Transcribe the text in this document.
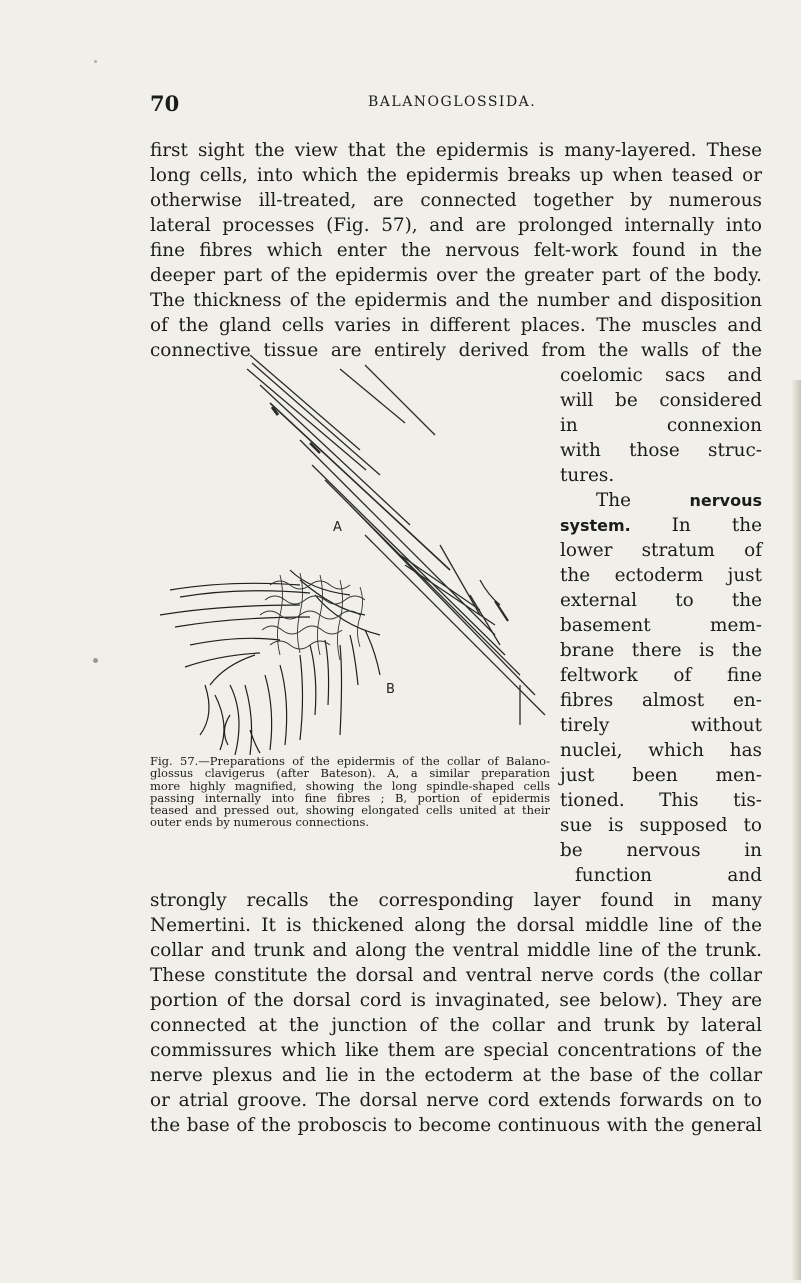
70	BALANOGLOSSIDA.
first sight the view that the epidermis is many-layered. These
long cells, into which the epidermis breaks up when teased or
otherwise ill-treated, are connected together by numerous
lateral processes (Fig. 57), and are prolonged internally into
fine fibres which enter the nervous felt-work found in the
deeper part of the epidermis over the greater part of the body.
The thickness of the epidermis and the number and disposition
of the gland cells varies in different places. The muscles and
connective tissue are entirely derived from the walls of the
coelomic sacs and
will be considered
in connexion
with those struc-
tures.
The nervous
system. In the
lower stratum of
the ectoderm just
external to the
basement mem-
brane there is the
feltwork of fine
fibres almost en-
tirely without
nuclei, which has
just been men-
tioned. This tis-
sue is supposed to
be nervous in
function and
A
B
Fig. 57.—Preparations of the epidermis of the collar of Balano-
glossus clavigerus (after Bateson). A, a similar preparation
more highly magnified, showing the long spindle-shaped cells
passing internally into fine fibres ; B, portion of epidermis
teased and pressed out, showing elongated cells united at their
outer ends by numerous connections.
strongly recalls the corresponding layer found in many
Nemertini. It is thickened along the dorsal middle line of the
collar and trunk and along the ventral middle line of the trunk.
These constitute the dorsal and ventral nerve cords (the collar
portion of the dorsal cord is invaginated, see below). They are
connected at the junction of the collar and trunk by lateral
commissures which like them are special concentrations of the
nerve plexus and lie in the ectoderm at the base of the collar
or atrial groove. The dorsal nerve cord extends forwards on to
the base of the proboscis to become continuous with the general
